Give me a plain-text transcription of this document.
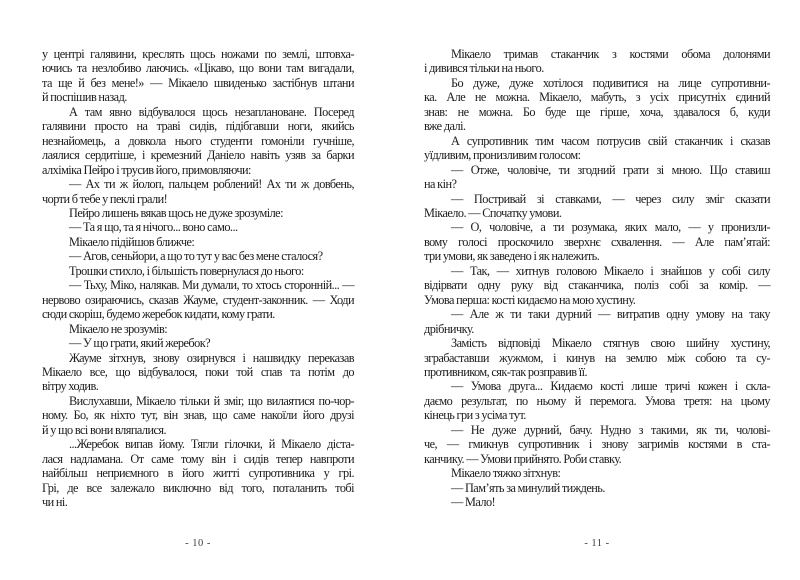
у центрі галявини, креслять щось ножами по землі, штовха-
ючись та незлобиво лаючись. «Цікаво, що вони там вигадали,
та ще й без мене!» — Мікаело швиденько застібнув штани
й поспішив назад.
А там явно відбувалося щось незаплановане. Посеред
галявини просто на траві сидів, підібгавши ноги, якийсь
незнайомець, а довкола нього студенти гомоніли гучніше,
лаялися сердитіше, і кремезний Даніело навіть узяв за барки
алхіміка Пейро і трусив його, примовляючи:
— Ах ти ж йолоп, пальцем роблений! Ах ти ж довбень,
чорти б тебе у пеклі грали!
Пейро лишень вякав щось не дуже зрозуміле:
— Та я що, та я нічого... воно само...
Мікаело підійшов ближче:
— Агов, сеньйори, а що то тут у вас без мене сталося?
Трошки стихло, і більшість повернулася до нього:
— Тьху, Міко, налякав. Ми думали, то хтось сторонній... —
нервово озираючись, сказав Жауме, студент-законник. — Ходи
сюди скоріш, будемо жеребок кидати, кому грати.
Мікаело не зрозумів:
— У що грати, який жеребок?
Жауме зітхнув, знову озирнувся і нашвидку переказав
Мікаело все, що відбувалося, поки той спав та потім до
вітру ходив.
Вислухавши, Мікаело тільки й зміг, що вилаятися по-чор-
ному. Бо, як ніхто тут, він знав, що саме накоїли його друзі
й у що всі вони вляпалися.
...Жеребок випав йому. Тягли гілочки, й Мікаело діста-
лася надламана. От саме тому він і сидів тепер навпроти
найбільш неприємного в його житті супротивника у грі.
Грі, де все залежало виключно від того, поталанить тобі
чи ні.
- 10 -
Мікаело тримав стаканчик з костями обома долонями
і дивився тільки на нього.
Бо дуже, дуже хотілося подивитися на лице супротивни-
ка. Але не можна. Мікаело, мабуть, з усіх присутніх єдиний
знав: не можна. Бо буде ще гірше, хоча, здавалося б, куди
вже далі.
А супротивник тим часом потрусив свій стаканчик і сказав
уїдливим, пронизливим голосом:
— Отже, чоловіче, ти згодний грати зі мною. Що ставиш
на кін?
— Постривай зі ставками, — через силу зміг сказати
Мікаело. — Спочатку умови.
— О, чоловіче, а ти розумака, яких мало, — у пронизли-
вому голосі проскочило зверхнє схвалення. — Але пам’ятай:
три умови, як заведено і як належить.
— Так, — хитнув головою Мікаело і знайшов у собі силу
відірвати одну руку від стаканчика, поліз собі за комір. —
Умова перша: кості кидаємо на мою хустину.
— Але ж ти таки дурний — витратив одну умову на таку
дрібничку.
Замість відповіді Мікаело стягнув свою шийну хустину,
зграбаставши жужмом, і кинув на землю між собою та су-
противником, сяк-так розправив її.
— Умова друга... Кидаємо кості лише тричі кожен і скла-
даємо результат, по ньому й перемога. Умова третя: на цьому
кінець гри з усіма тут.
— Не дуже дурний, бачу. Нудно з такими, як ти, чолові-
че, — гмикнув супротивник і знову загримів костями в ста-
канчику. — Умови прийнято. Роби ставку.
Мікаело тяжко зітхнув:
— Пам’ять за минулий тиждень.
— Мало!
- 11 -
